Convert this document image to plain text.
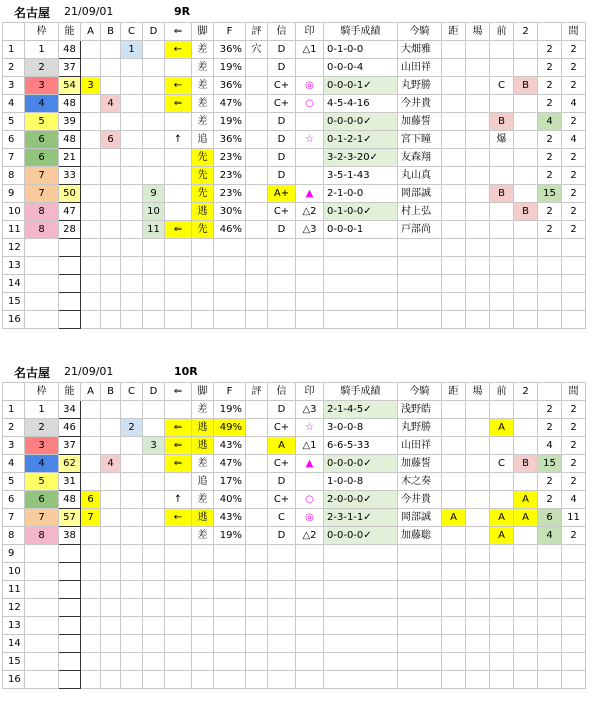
名古屋 21/09/01	9R
	枠	能	A	B	C	D	⇐	脚	F	評	信	印	騎手成績	今騎	距	場	前	2		間
1	1	48			1		←	差	36%	穴	D	△1	0-1-0-0	大畑雅					2	2
2	2	37						差	19%		D		0-0-0-4	山田祥					2	2
3	3	54	3				←	差	36%		C+	◎	0-0-0-1✓	丸野勝			C	B	2	2
4	4	48		4			⇐	差	47%		C+	○	4-5-4-16	今井貴					2	4
5	5	39						差	19%		D		0-0-0-0✓	加藤誓			B		4	2
6	6	48		6			↑	追	36%		D	☆	0-1-2-1✓	宮下瞳			爆		2	4
7	6	21						先	23%		D		3-2-3-20✓	友森翔					2	2
8	7	33						先	23%		D		3-5-1-43	丸山真					2	2
9	7	50				9		先	23%		A+	▲	2-1-0-0	岡部誠			B		15	2
10	8	47				10		逃	30%		C+	△2	0-1-0-0✓	村上弘				B	2	2
11	8	28				11	⇐	先	46%		D	△3	0-0-0-1	戸部尚					2	2
12																				
13																				
14																				
15																				
16																				
名古屋 21/09/01	10R
	枠	能	A	B	C	D	⇐	脚	F	評	信	印	騎手成績	今騎	距	場	前	2		間
1	1	34						差	19%		D	△3	2-1-4-5✓	浅野皓					2	2
2	2	46			2		⇐	逃	49%		C+	☆	3-0-0-8	丸野勝			A		2	2
3	3	37				3	⇐	逃	43%		A	△1	6-6-5-33	山田祥					4	2
4	4	62		4			⇐	差	47%		C+	▲	0-0-0-0✓	加藤誓			C	B	15	2
5	5	31						追	17%		D		1-0-0-8	木之奏					2	2
6	6	48	6				↑	差	40%		C+	○	2-0-0-0✓	今井貴				A	2	4
7	7	57	7				←	逃	43%		C	◎	2-3-1-1✓	岡部誠	A		A	A	6	11
8	8	38						差	19%		D	△2	0-0-0-0✓	加藤聡			A		4	2
9																				
10																				
11																				
12																				
13																				
14																				
15																				
16																				
